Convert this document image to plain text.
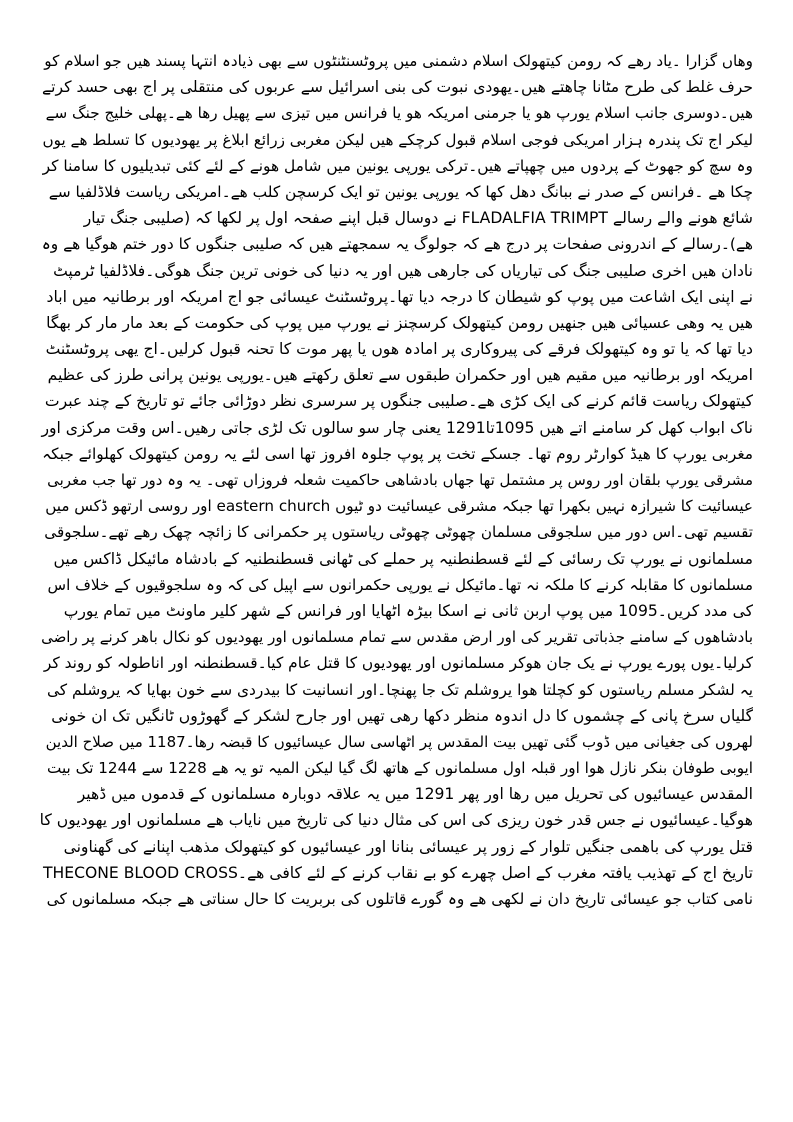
وھاں گزارا ۔یاد رھے کہ رومن کیتھولک اسلام دشمنی میں پروٹسنٹنٹوں سے بھی ذیادہ انتہا پسند ھیں جو اسلام کو
حرف غلط کی طرح مٹانا چاھتے ھیں۔یھودی نبوت کی بنی اسرائیل سے عربوں کی منتقلی پر اج بھی حسد کرتے
ھیں۔دوسری جانب اسلام یورپ ھو یا جرمنی امریکہ ھو یا فرانس میں تیزی سے پھیل رھا ھے۔پھلی خلیج جنگ سے
لیکر اج تک پندرہ ہزار امریکی فوجی اسلام قبول کرچکے ھیں لیکن مغربی زرائع ابلاغ پر یھودیوں کا تسلط ھے یوں
وہ سچ کو جھوٹ کے پردوں میں چھپاتے ھیں۔ترکی یورپی یونین میں شامل ھونے کے لئے کئی تبدیلیوں کا سامنا کر
چکا ھے ۔فرانس کے صدر نے ببانگ دھل کھا کہ یورپی یونین تو ایک کرسچن کلب ھے۔امریکی ریاست فلاڈلفیا سے
شائع ھونے والے رسالے FLADALFIA TRIMPT نے دوسال قبل اپنے صفحہ اول پر لکھا کہ (صلیبی جنگ تیار
ھے)۔رسالے کے اندرونی صفحات پر درج ھے کہ جولوگ یہ سمجھتے ھیں کہ صلیبی جنگوں کا دور ختم ھوگیا ھے وہ
نادان ھیں اخری صلیبی جنگ کی تیاریاں کی جارھی ھیں اور یہ دنیا کی خونی ترین جنگ ھوگی۔فلاڈلفیا ٹرمپٹ
نے اپنی ایک اشاعت میں پوپ کو شیطان کا درجہ دیا تھا۔پروٹسٹنٹ عیسائی جو اج امریکہ اور برطانیہ میں اباد
ھیں یہ وھی عسیائی ھیں جنھیں رومن کیتھولک کرسچنز نے یورپ میں پوپ کی حکومت کے بعد مار مار کر بھگا
دیا تھا کہ یا تو وہ کیتھولک فرقے کی پیروکاری پر امادہ ھوں یا پھر موت کا تحنہ قبول کرلیں۔اج یھی پروٹسٹنٹ
امریکہ اور برطانیہ میں مقیم ھیں اور حکمران طبقوں سے تعلق رکھتے ھیں۔یورپی یونین پرانی طرز کی عظیم
کیتھولک ریاست قائم کرنے کی ایک کڑی ھے۔صلیبی جنگوں پر سرسری نظر دوڑائی جائے تو تاریخ کے چند عبرت
ناک ابواب کھل کر سامنے اتے ھیں 1095تا1291 یعنی چار سو سالوں تک لڑی جاتی رھیں۔اس وقت مرکزی اور
مغربی یورپ کا ھیڈ کوارٹر روم تھا۔ جسکے تخت پر پوپ جلوہ افروز تھا اسی لئے یہ رومن کیتھولک کھلوائے جبکہ
مشرقی یورپ بلقان اور روس پر مشتمل تھا جھاں بادشاھی حاکمیت شعلہ فروزاں تھی۔ یہ وہ دور تھا جب مغربی
عیسائیت کا شیرازہ نہیں بکھرا تھا جبکہ مشرقی عیسائیت دو ٹیوں eastern church اور روسی ارتھو ڈکس میں
تقسیم تھی۔اس دور میں سلجوقی مسلمان چھوٹی چھوٹی ریاستوں پر حکمرانی کا زائچہ چھک رھے تھے۔سلجوقی
مسلمانوں نے یورپ تک رسائی کے لئے قسطنطنیہ پر حملے کی ٹھانی قسطنطنیہ کے بادشاہ مائیکل ڈاکس میں
مسلمانوں کا مقابلہ کرنے کا ملکہ نہ تھا۔مائیکل نے یورپی حکمرانوں سے اپیل کی کہ وہ سلجوقیوں کے خلاف اس
کی مدد کریں۔1095 میں پوپ اربن ثانی نے اسکا بیڑہ اٹھایا اور فرانس کے شھر کلیر ماونٹ میں تمام یورپ
بادشاھوں کے سامنے جذباتی تقریر کی اور ارض مقدس سے تمام مسلمانوں اور یھودیوں کو نکال باھر کرنے پر راضی
کرلیا۔یوں پورے یورپ نے یک جان ھوکر مسلمانوں اور یھودیوں کا قتل عام کیا۔قسطنطنہ اور اناطولہ کو روند کر
یہ لشکر مسلم ریاستوں کو کچلتا ھوا یروشلم تک جا پھنچا۔اور انسانیت کا بیدردی سے خون بھایا کہ یروشلم کی
گلیاں سرخ پانی کے چشموں کا دل اندوہ منظر دکھا رھی تھیں اور جارح لشکر کے گھوڑوں ٹانگیں تک ان خونی
لھروں کی جغیانی میں ڈوب گئی تھیں بیت المقدس پر اٹھاسی سال عیسائیوں کا قبضہ رھا۔1187 میں صلاح الدین
ایوبی طوفان بنکر نازل ھوا اور قبلہ اول مسلمانوں کے ھاتھ لگ گیا لیکن المیہ تو یہ ھے 1228 سے 1244 تک بیت
المقدس عیسائیوں کی تحریل میں رھا اور پھر 1291 میں یہ علاقہ دوبارہ مسلمانوں کے قدموں میں ڈھیر
ھوگیا۔عیسائیوں نے جس قدر خون ریزی کی اس کی مثال دنیا کی تاریخ میں نایاب ھے مسلمانوں اور یھودیوں کا
قتل یورپ کی باھمی جنگیں تلوار کے زور پر عیسائی بنانا اور عیسائیوں کو کیتھولک مذھب اپنانے کی گھناونی
تاریخ اج کے تھذیب یافتہ مغرب کے اصل چھرے کو بے نقاب کرنے کے لئے کافی ھے۔THECONE BLOOD CROSS
نامی کتاب جو عیسائی تاریخ دان نے لکھی ھے وہ گورے قاتلوں کی بربریت کا حال سناتی ھے جبکہ مسلمانوں کی
